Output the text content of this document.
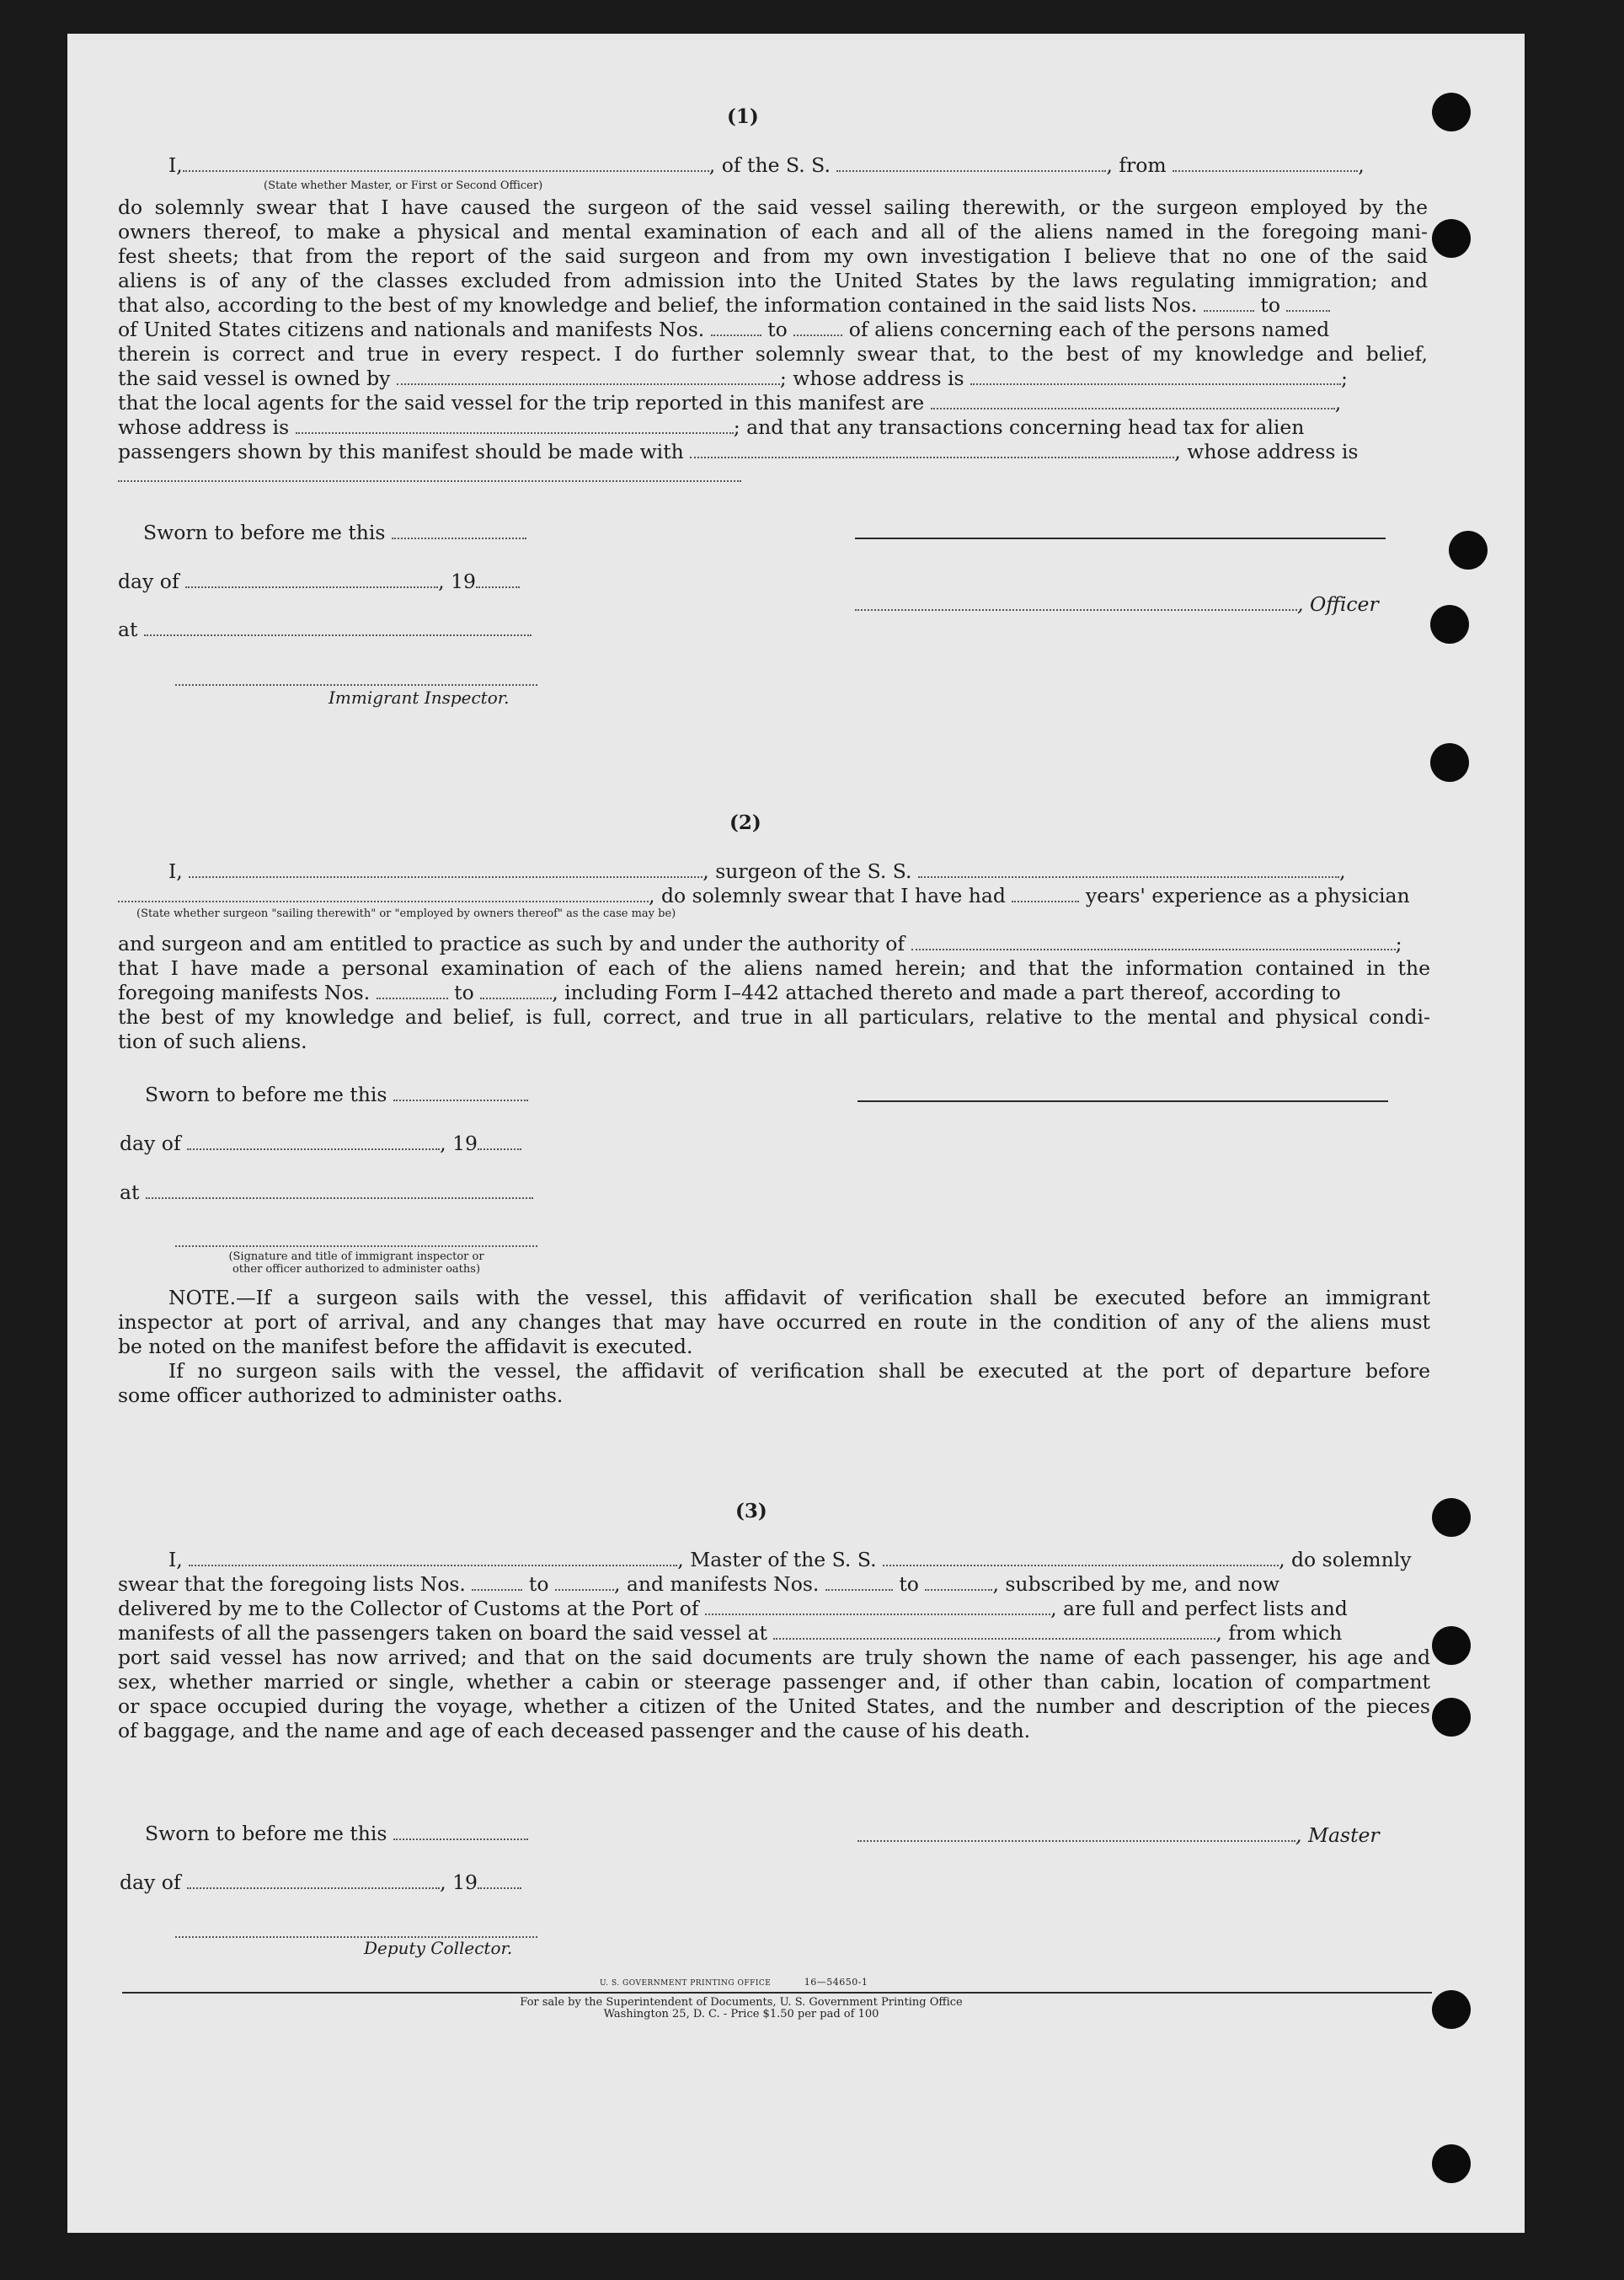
(1)
I,	, of the S. S.	, from	,
(State whether Master, or First or Second Officer)
do solemnly swear that I have caused the surgeon of the said vessel sailing therewith, or the surgeon employed by the
owners thereof, to make a physical and mental examination of each and all of the aliens named in the foregoing mani-
fest sheets; that from the report of the said surgeon and from my own investigation I believe that no one of the said
aliens is of any of the classes excluded from admission into the United States by the laws regulating immigration; and
that also, according to the best of my knowledge and belief, the information contained in the said lists Nos.	to
of United States citizens and nationals and manifests Nos.	to	of aliens concerning each of the persons named
therein is correct and true in every respect. I do further solemnly swear that, to the best of my knowledge and belief,
the said vessel is owned by	; whose address is	;
that the local agents for the said vessel for the trip reported in this manifest are	,
whose address is	; and that any transactions concerning head tax for alien
passengers shown by this manifest should be made with	, whose address is
Sworn to before me this
day of	, 19
, Officer
at
Immigrant Inspector.
(2)
I,	, surgeon of the S. S.	,
, do solemnly swear that I have had	years' experience as a physician
(State whether surgeon "sailing therewith" or "employed by owners thereof" as the case may be)
and surgeon and am entitled to practice as such by and under the authority of	;
that I have made a personal examination of each of the aliens named herein; and that the information contained in the
foregoing manifests Nos.	to	, including Form I–442 attached thereto and made a part thereof, according to
the best of my knowledge and belief, is full, correct, and true in all particulars, relative to the mental and physical condi-
tion of such aliens.
Sworn to before me this
day of	, 19
at
(Signature and title of immigrant inspector or
other officer authorized to administer oaths)
NOTE.—If a surgeon sails with the vessel, this affidavit of verification shall be executed before an immigrant
inspector at port of arrival, and any changes that may have occurred en route in the condition of any of the aliens must
be noted on the manifest before the affidavit is executed.
If no surgeon sails with the vessel, the affidavit of verification shall be executed at the port of departure before
some officer authorized to administer oaths.
(3)
I,	, Master of the S. S.	, do solemnly
swear that the foregoing lists Nos.	to	, and manifests Nos.	to	, subscribed by me, and now
delivered by me to the Collector of Customs at the Port of	, are full and perfect lists and
manifests of all the passengers taken on board the said vessel at	, from which
port said vessel has now arrived; and that on the said documents are truly shown the name of each passenger, his age and
sex, whether married or single, whether a cabin or steerage passenger and, if other than cabin, location of compartment
or space occupied during the voyage, whether a citizen of the United States, and the number and description of the pieces
of baggage, and the name and age of each deceased passenger and the cause of his death.
Sworn to before me this	, Master
day of	, 19
Deputy Collector.
U. S. GOVERNMENT PRINTING OFFICE	16—54650-1
For sale by the Superintendent of Documents, U. S. Government Printing Office
Washington 25, D. C. - Price $1.50 per pad of 100
